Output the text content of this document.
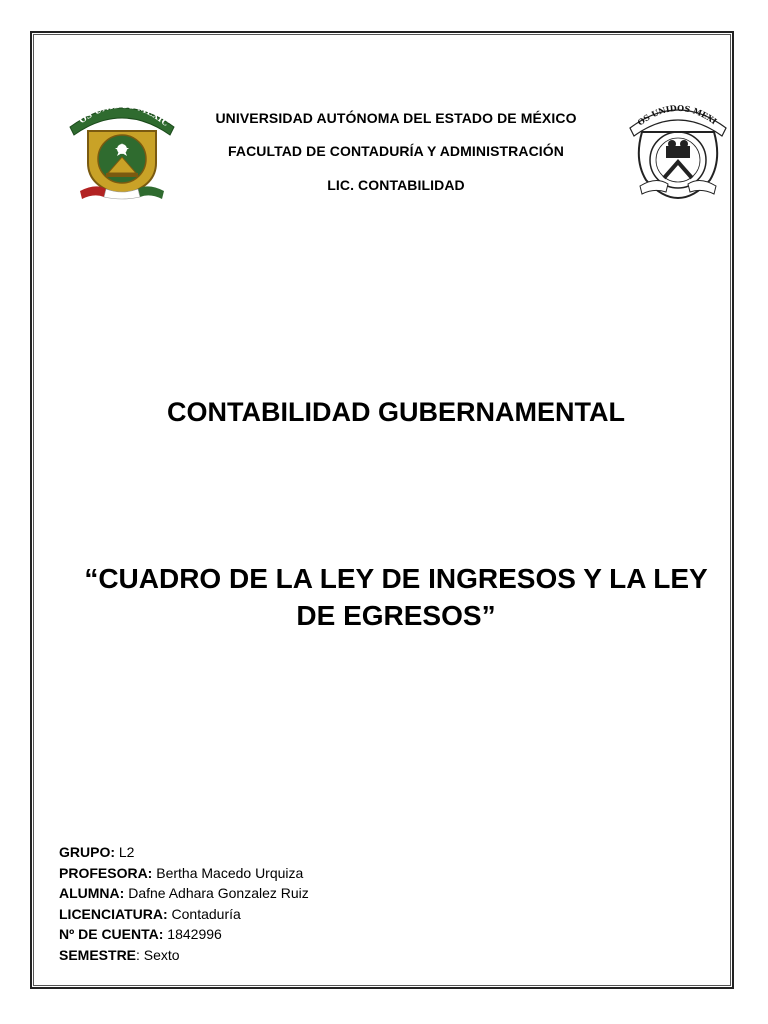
OS UNIDOS MEXIC	OS UNIDOS MEXI
UNIVERSIDAD AUTÓNOMA DEL ESTADO DE MÉXICO
FACULTAD DE CONTADURÍA Y ADMINISTRACIÓN
LIC. CONTABILIDAD
CONTABILIDAD GUBERNAMENTAL
“CUADRO DE LA LEY DE INGRESOS Y LA LEY
DE EGRESOS”
GRUPO: L2
PROFESORA: Bertha Macedo Urquiza
ALUMNA: Dafne Adhara Gonzalez Ruiz
LICENCIATURA: Contaduría
Nº DE CUENTA: 1842996
SEMESTRE: Sexto
